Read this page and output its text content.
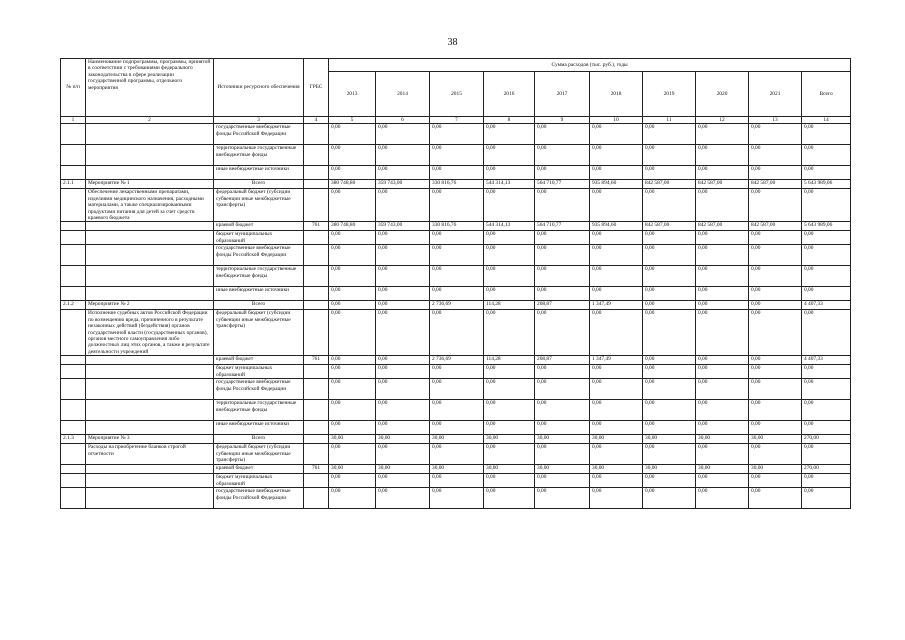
38
№ п/п	Наименование подпрограммы, программы, принятой в соответствии с требованиями федерального законодательства в сфере реализации государственной программы, отдельного мероприятия	Источники ресурсного обеспечения	ГРБС	Сумма расходов (тыс. руб.), годы									
				2013	2014	2015	2016	2017	2018	2019	2020	2021	Всего
1	2	3	4	5	6	7	8	9	10	11	12	13	14
		государственные внебюджетные фонды Российской Федерации		0,00	0,00	0,00	0,00	0,00	0,00	0,00	0,00	0,00	0,00
		территориальные государственные внебюджетные фонды		0,00	0,00	0,00	0,00	0,00	0,00	0,00	0,00	0,00	0,00
		иные внебюджетные источники		0,00	0,00	0,00	0,00	0,00	0,00	0,00	0,00	0,00	0,00
2.1.1	Мероприятие № 1	Всего		380 748,80	359 743,00	330 816,76	544 314,13	564 710,77	935 894,60	842 587,00	842 587,00	842 587,00	5 643 989,06
	Обеспечение лекарственными препаратами, изделиями медицинского назначения, расходными материалами, а также специализированными продуктами питания для детей за счет средств краевого бюджета	федеральный бюджет (субсидии субвенции иные межбюджетные трансферты)		0,00	0,00	0,00	0,00	0,00	0,00	0,00	0,00	0,00	0,00
		краевой бюджет	761	380 748,80	359 743,00	330 816,76	544 314,13	564 710,77	935 894,60	842 587,00	842 587,00	842 587,00	5 643 989,06
		бюджет муниципальных образований		0,00	0,00	0,00	0,00	0,00	0,00	0,00	0,00	0,00	0,00
		государственные внебюджетные фонды Российской Федерации		0,00	0,00	0,00	0,00	0,00	0,00	0,00	0,00	0,00	0,00
		территориальные государственные внебюджетные фонды		0,00	0,00	0,00	0,00	0,00	0,00	0,00	0,00	0,00	0,00
		иные внебюджетные источники		0,00	0,00	0,00	0,00	0,00	0,00	0,00	0,00	0,00	0,00
2.1.2	Мероприятие № 2	Всего		0,00	0,00	2 736,69	114,28	208,87	1 347,49	0,00	0,00	0,00	4 407,33
	Исполнение судебных актов Российской Федерации по возмещению вреда, причиненного в результате незаконных действий (бездействия) органов государственной власти (государственных органов), органов местного самоуправления либо должностных лиц этих органов, а также в результате деятельности учреждений	федеральный бюджет (субсидии субвенции иные межбюджетные трансферты)		0,00	0,00	0,00	0,00	0,00	0,00	0,00	0,00	0,00	0,00
		краевой бюджет	761	0,00	0,00	2 736,69	114,28	208,87	1 347,49	0,00	0,00	0,00	4 407,33
		бюджет муниципальных образований		0,00	0,00	0,00	0,00	0,00	0,00	0,00	0,00	0,00	0,00
		государственные внебюджетные фонды Российской Федерации		0,00	0,00	0,00	0,00	0,00	0,00	0,00	0,00	0,00	0,00
		территориальные государственные внебюджетные фонды		0,00	0,00	0,00	0,00	0,00	0,00	0,00	0,00	0,00	0,00
		иные внебюджетные источники		0,00	0,00	0,00	0,00	0,00	0,00	0,00	0,00	0,00	0,00
2.1.3	Мероприятие № 3	Всего		30,00	30,00	30,00	30,00	30,00	30,00	30,00	30,00	30,00	270,00
	Расходы на приобретение бланков строгой отчетности	федеральный бюджет (субсидии субвенции иные межбюджетные трансферты)		0,00	0,00	0,00	0,00	0,00	0,00	0,00	0,00	0,00	0,00
		краевой бюджет	761	30,00	30,00	30,00	30,00	30,00	30,00	30,00	30,00	30,00	270,00
		бюджет муниципальных образований		0,00	0,00	0,00	0,00	0,00	0,00	0,00	0,00	0,00	0,00
		государственные внебюджетные фонды Российской Федерации		0,00	0,00	0,00	0,00	0,00	0,00	0,00	0,00	0,00	0,00
